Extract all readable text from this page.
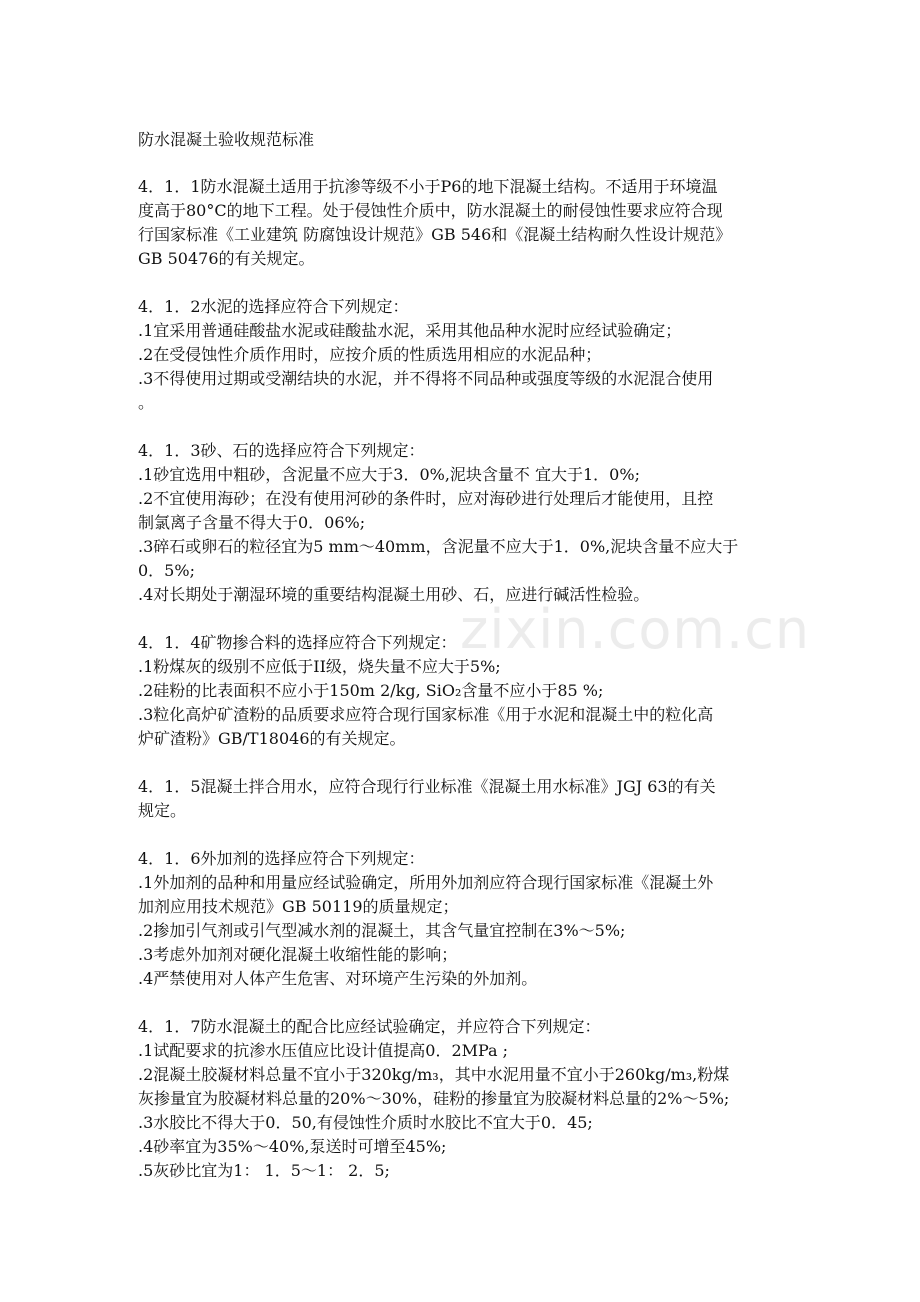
防水混凝土验收规范标准
4．1．1防水混凝土适用于抗渗等级不小于P6的地下混凝土结构。不适用于环境温
度高于80°C的地下工程。处于侵蚀性介质中，防水混凝土的耐侵蚀性要求应符合现
行国家标准《工业建筑 防腐蚀设计规范》GB 546和《混凝土结构耐久性设计规范》
GB 50476的有关规定。
4．1．2水泥的选择应符合下列规定：
.1宜采用普通硅酸盐水泥或硅酸盐水泥，采用其他品种水泥时应经试验确定；
.2在受侵蚀性介质作用时，应按介质的性质选用相应的水泥品种；
.3不得使用过期或受潮结块的水泥，并不得将不同品种或强度等级的水泥混合使用
。
4．1．3砂、石的选择应符合下列规定：
.1砂宜选用中粗砂，含泥量不应大于3．0%,泥块含量不 宜大于1．0%;
.2不宜使用海砂；在没有使用河砂的条件时，应对海砂进行处理后才能使用，且控
制氯离子含量不得大于0．06%;
.3碎石或卵石的粒径宜为5 mm～40mm，含泥量不应大于1．0%,泥块含量不应大于
0．5%;
.4对长期处于潮湿环境的重要结构混凝土用砂、石，应进行碱活性检验。
4．1．4矿物掺合料的选择应符合下列规定：
.1粉煤灰的级别不应低于II级，烧失量不应大于5%;
.2硅粉的比表面积不应小于150m 2/kg, SiO₂含量不应小于85 %;
.3粒化高炉矿渣粉的品质要求应符合现行国家标准《用于水泥和混凝土中的粒化高
炉矿渣粉》GB/T18046的有关规定。
4．1．5混凝土拌合用水，应符合现行行业标准《混凝土用水标准》JGJ 63的有关
规定。
4．1．6外加剂的选择应符合下列规定：
.1外加剂的品种和用量应经试验确定，所用外加剂应符合现行国家标准《混凝土外
加剂应用技术规范》GB 50119的质量规定；
.2掺加引气剂或引气型减水剂的混凝土，其含气量宜控制在3%～5%;
.3考虑外加剂对硬化混凝土收缩性能的影响；
.4严禁使用对人体产生危害、对环境产生污染的外加剂。
4．1．7防水混凝土的配合比应经试验确定，并应符合下列规定：
.1试配要求的抗渗水压值应比设计值提高0．2MPa ;
.2混凝土胶凝材料总量不宜小于320kg/m₃，其中水泥用量不宜小于260kg/m₃,粉煤
灰掺量宜为胶凝材料总量的20%～30%，硅粉的掺量宜为胶凝材料总量的2%～5%;
.3水胶比不得大于0．50,有侵蚀性介质时水胶比不宜大于0．45;
.4砂率宜为35%～40%,泵送时可增至45%;
.5灰砂比宜为1： 1．5～1： 2．5;
zixin.com.cn
